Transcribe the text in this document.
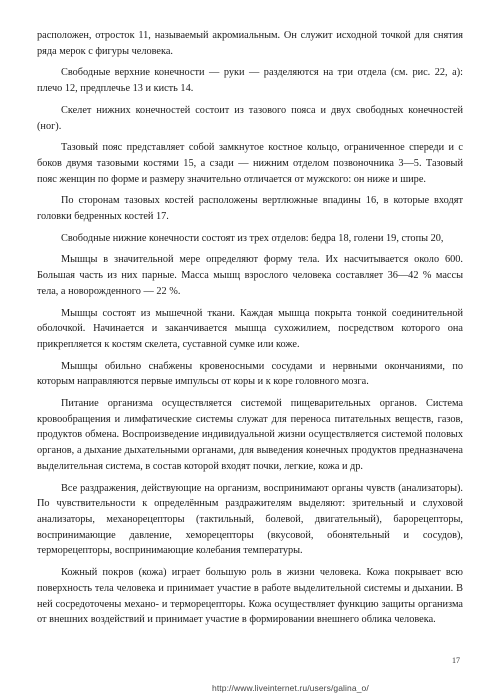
расположен, отросток 11, называемый акромиальным. Он служит исходной точкой для снятия ряда мерок с фигуры человека.

Свободные верхние конечности — руки — разделяются на три отдела (см. рис. 22, а): плечо 12, предплечье 13 и кисть 14.

Скелет нижних конечностей состоит из тазового пояса и двух свободных конечностей (ног).

Тазовый пояс представляет собой замкнутое костное кольцо, ограниченное спереди и с боков двумя тазовыми костями 15, а сзади — нижним отделом позвоночника 3—5. Тазовый пояс женщин по форме и размеру значительно отличается от мужского: он ниже и шире.

По сторонам тазовых костей расположены вертлюжные впадины 16, в которые входят головки бедренных костей 17.

Свободные нижние конечности состоят из трех отделов: бедра 18, голени 19, стопы 20,

Мышцы в значительной мере определяют форму тела. Их насчитывается около 600. Большая часть из них парные. Масса мышц взрослого человека составляет 36—42 % массы тела, а новорожденного — 22 %.

Мышцы состоят из мышечной ткани. Каждая мышца покрыта тонкой соединительной оболочкой. Начинается и заканчивается мышца сухожилием, посредством которого она прикрепляется к костям скелета, суставной сумке или коже.

Мышцы обильно снабжены кровеносными сосудами и нервными окончаниями, по которым направляются первые импульсы от коры и к коре головного мозга.

Питание организма осуществляется системой пищеварительных органов. Система кровообращения и лимфатические системы служат для переноса питательных веществ, газов, продуктов обмена. Воспроизведение индивидуальной жизни осуществляется системой половых органов, а дыхание дыхательными органами, для выведения конечных продуктов предназначена выделительная система, в состав которой входят почки, легкие, кожа и др.

Все раздражения, действующие на организм, воспринимают органы чувств (анализаторы). По чувствительности к определённым раздражителям выделяют: зрительный и слуховой анализаторы, механорецепторы (тактильный, болевой, двигательный), барорецепторы, воспринимающие давление, хеморецепторы (вкусовой, обонятельный и сосудов), терморецепторы, воспринимающие колебания температуры.

Кожный покров (кожа) играет большую роль в жизни человека. Кожа покрывает всю поверхность тела человека и принимает участие в работе выделительной системы и дыхании. В ней сосредоточены механо- и терморецепторы. Кожа осуществляет функцию защиты организма от внешних воздействий и принимает участие в формировании внешнего облика человека.

17
http://www.liveinternet.ru/users/galina_o/
